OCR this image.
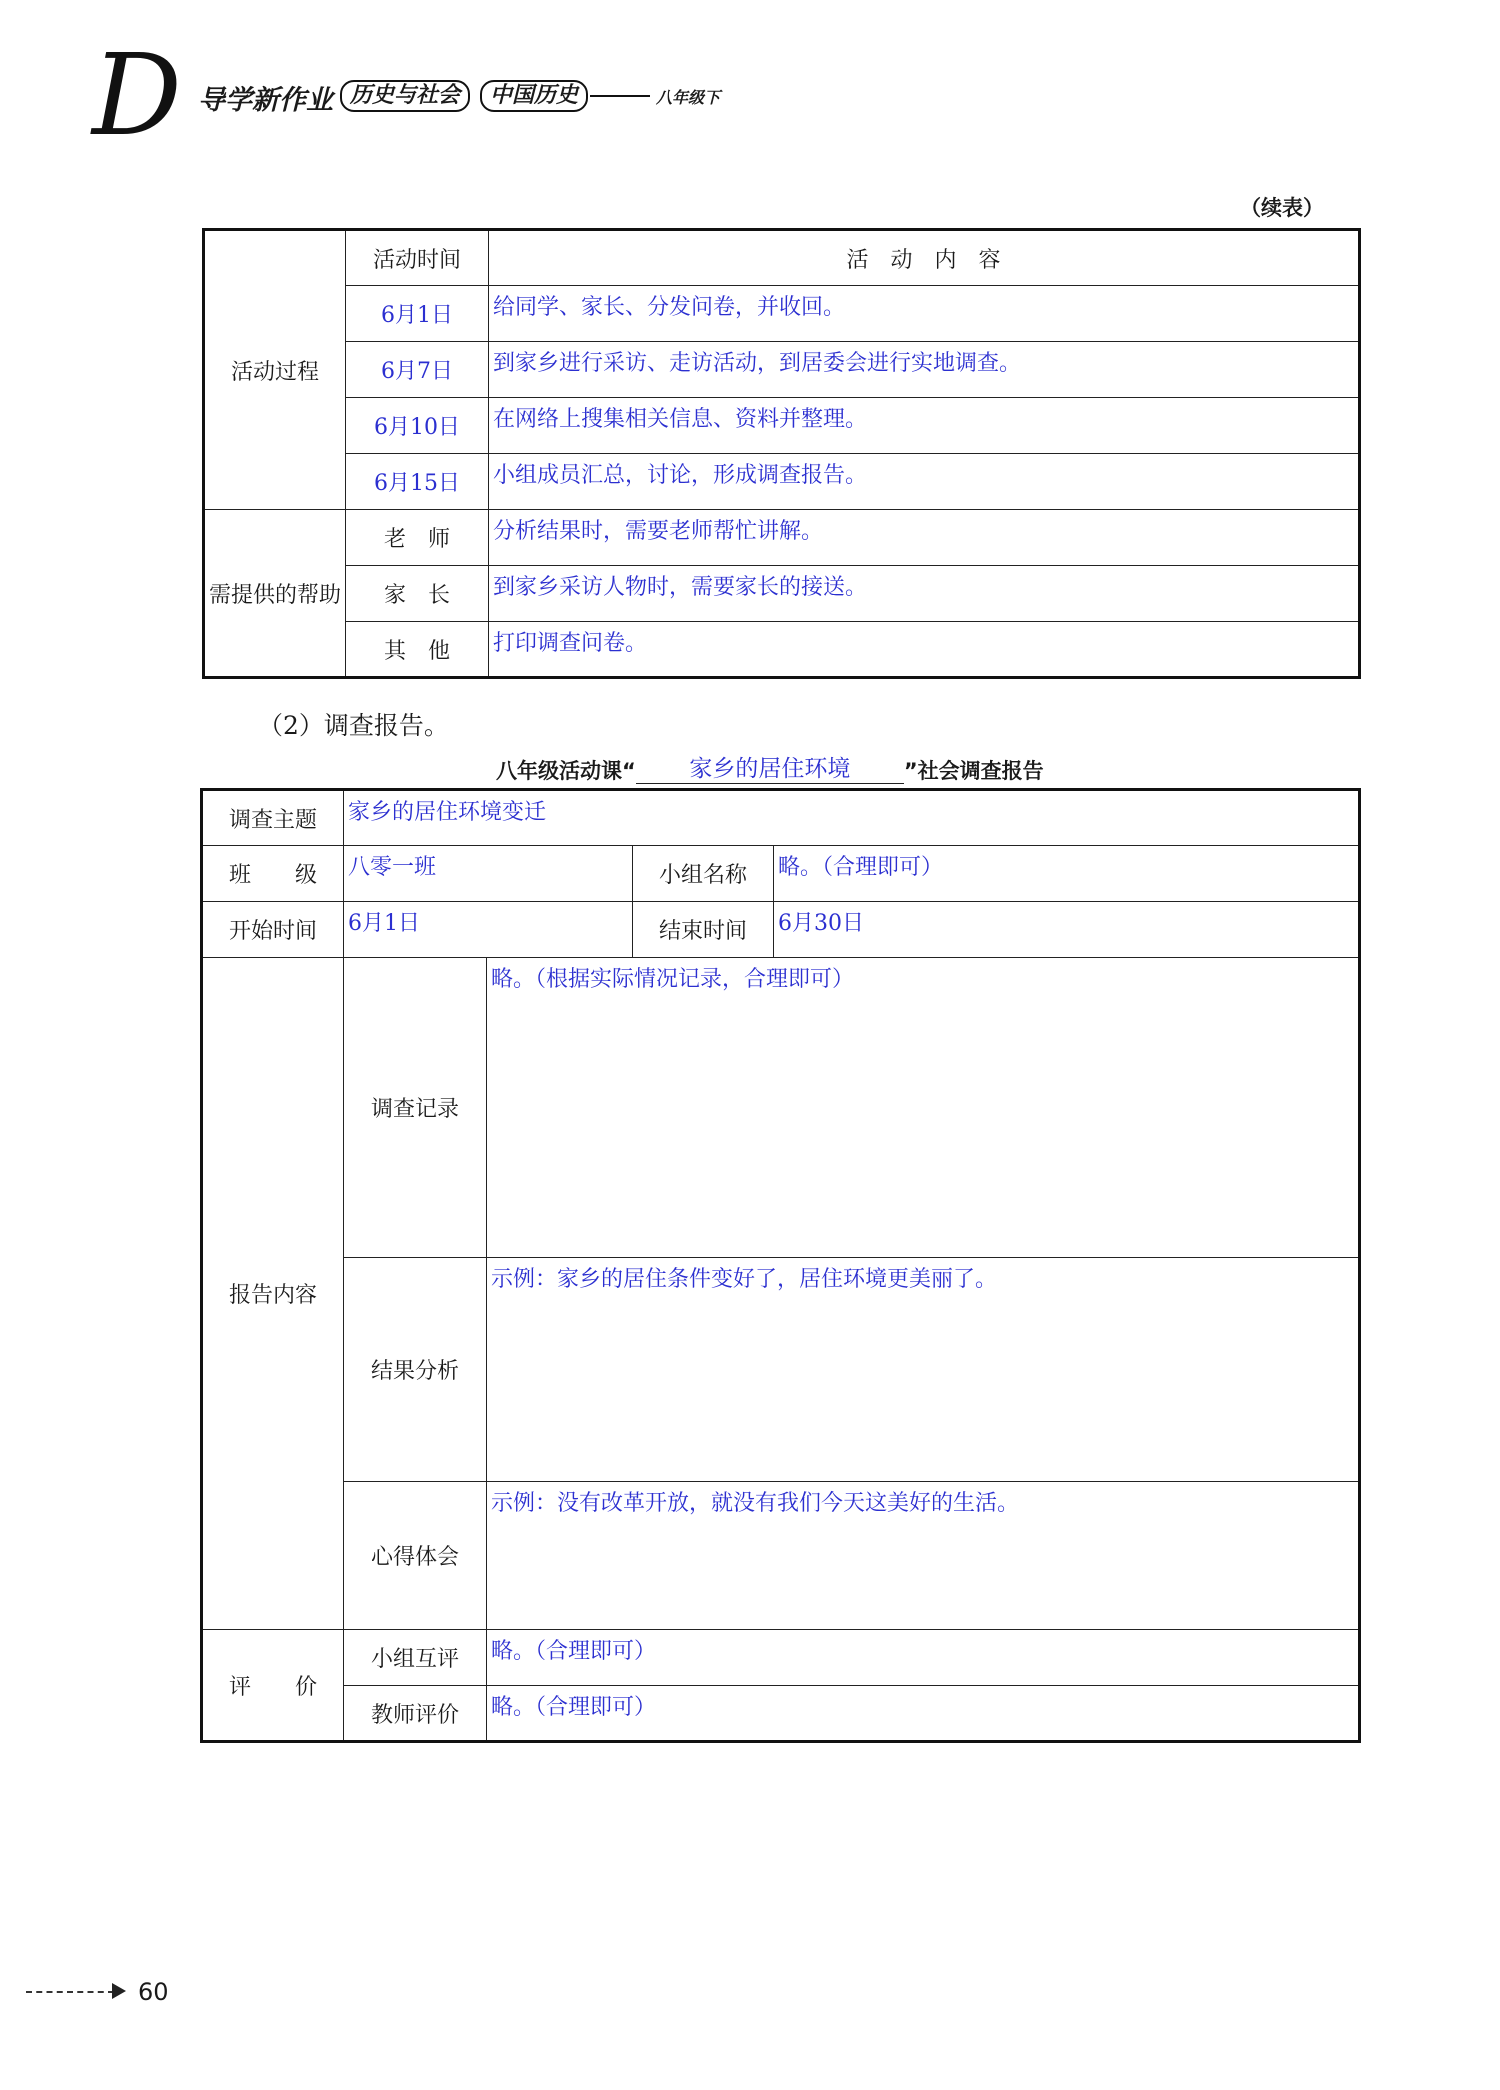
D 导学新作业 历史与社会 中国历史	八年级下
（续表）
活动过程	活动时间	活　动　内　容
	6月1日	给同学、家长、分发问卷，并收回。
	6月7日	到家乡进行采访、走访活动，到居委会进行实地调查。
	6月10日	在网络上搜集相关信息、资料并整理。
	6月15日	小组成员汇总，讨论，形成调查报告。
需提供的帮助	老　师	分析结果时，需要老师帮忙讲解。
	家　长	到家乡采访人物时，需要家长的接送。
	其　他	打印调查问卷。
（2）调查报告。
八年级活动课“ 家乡的居住环境	”社会调查报告
调查主题	家乡的居住环境变迁			
班　　级	八零一班		小组名称	略。（合理即可）
开始时间	6月1日		结束时间	6月30日
报告内容	调查记录	略。（根据实际情况记录，合理即可）		
	结果分析	示例：家乡的居住条件变好了，居住环境更美丽了。		
	心得体会	示例：没有改革开放，就没有我们今天这美好的生活。		
评　　价	小组互评	略。（合理即可）		
	教师评价	略。（合理即可）		
60
